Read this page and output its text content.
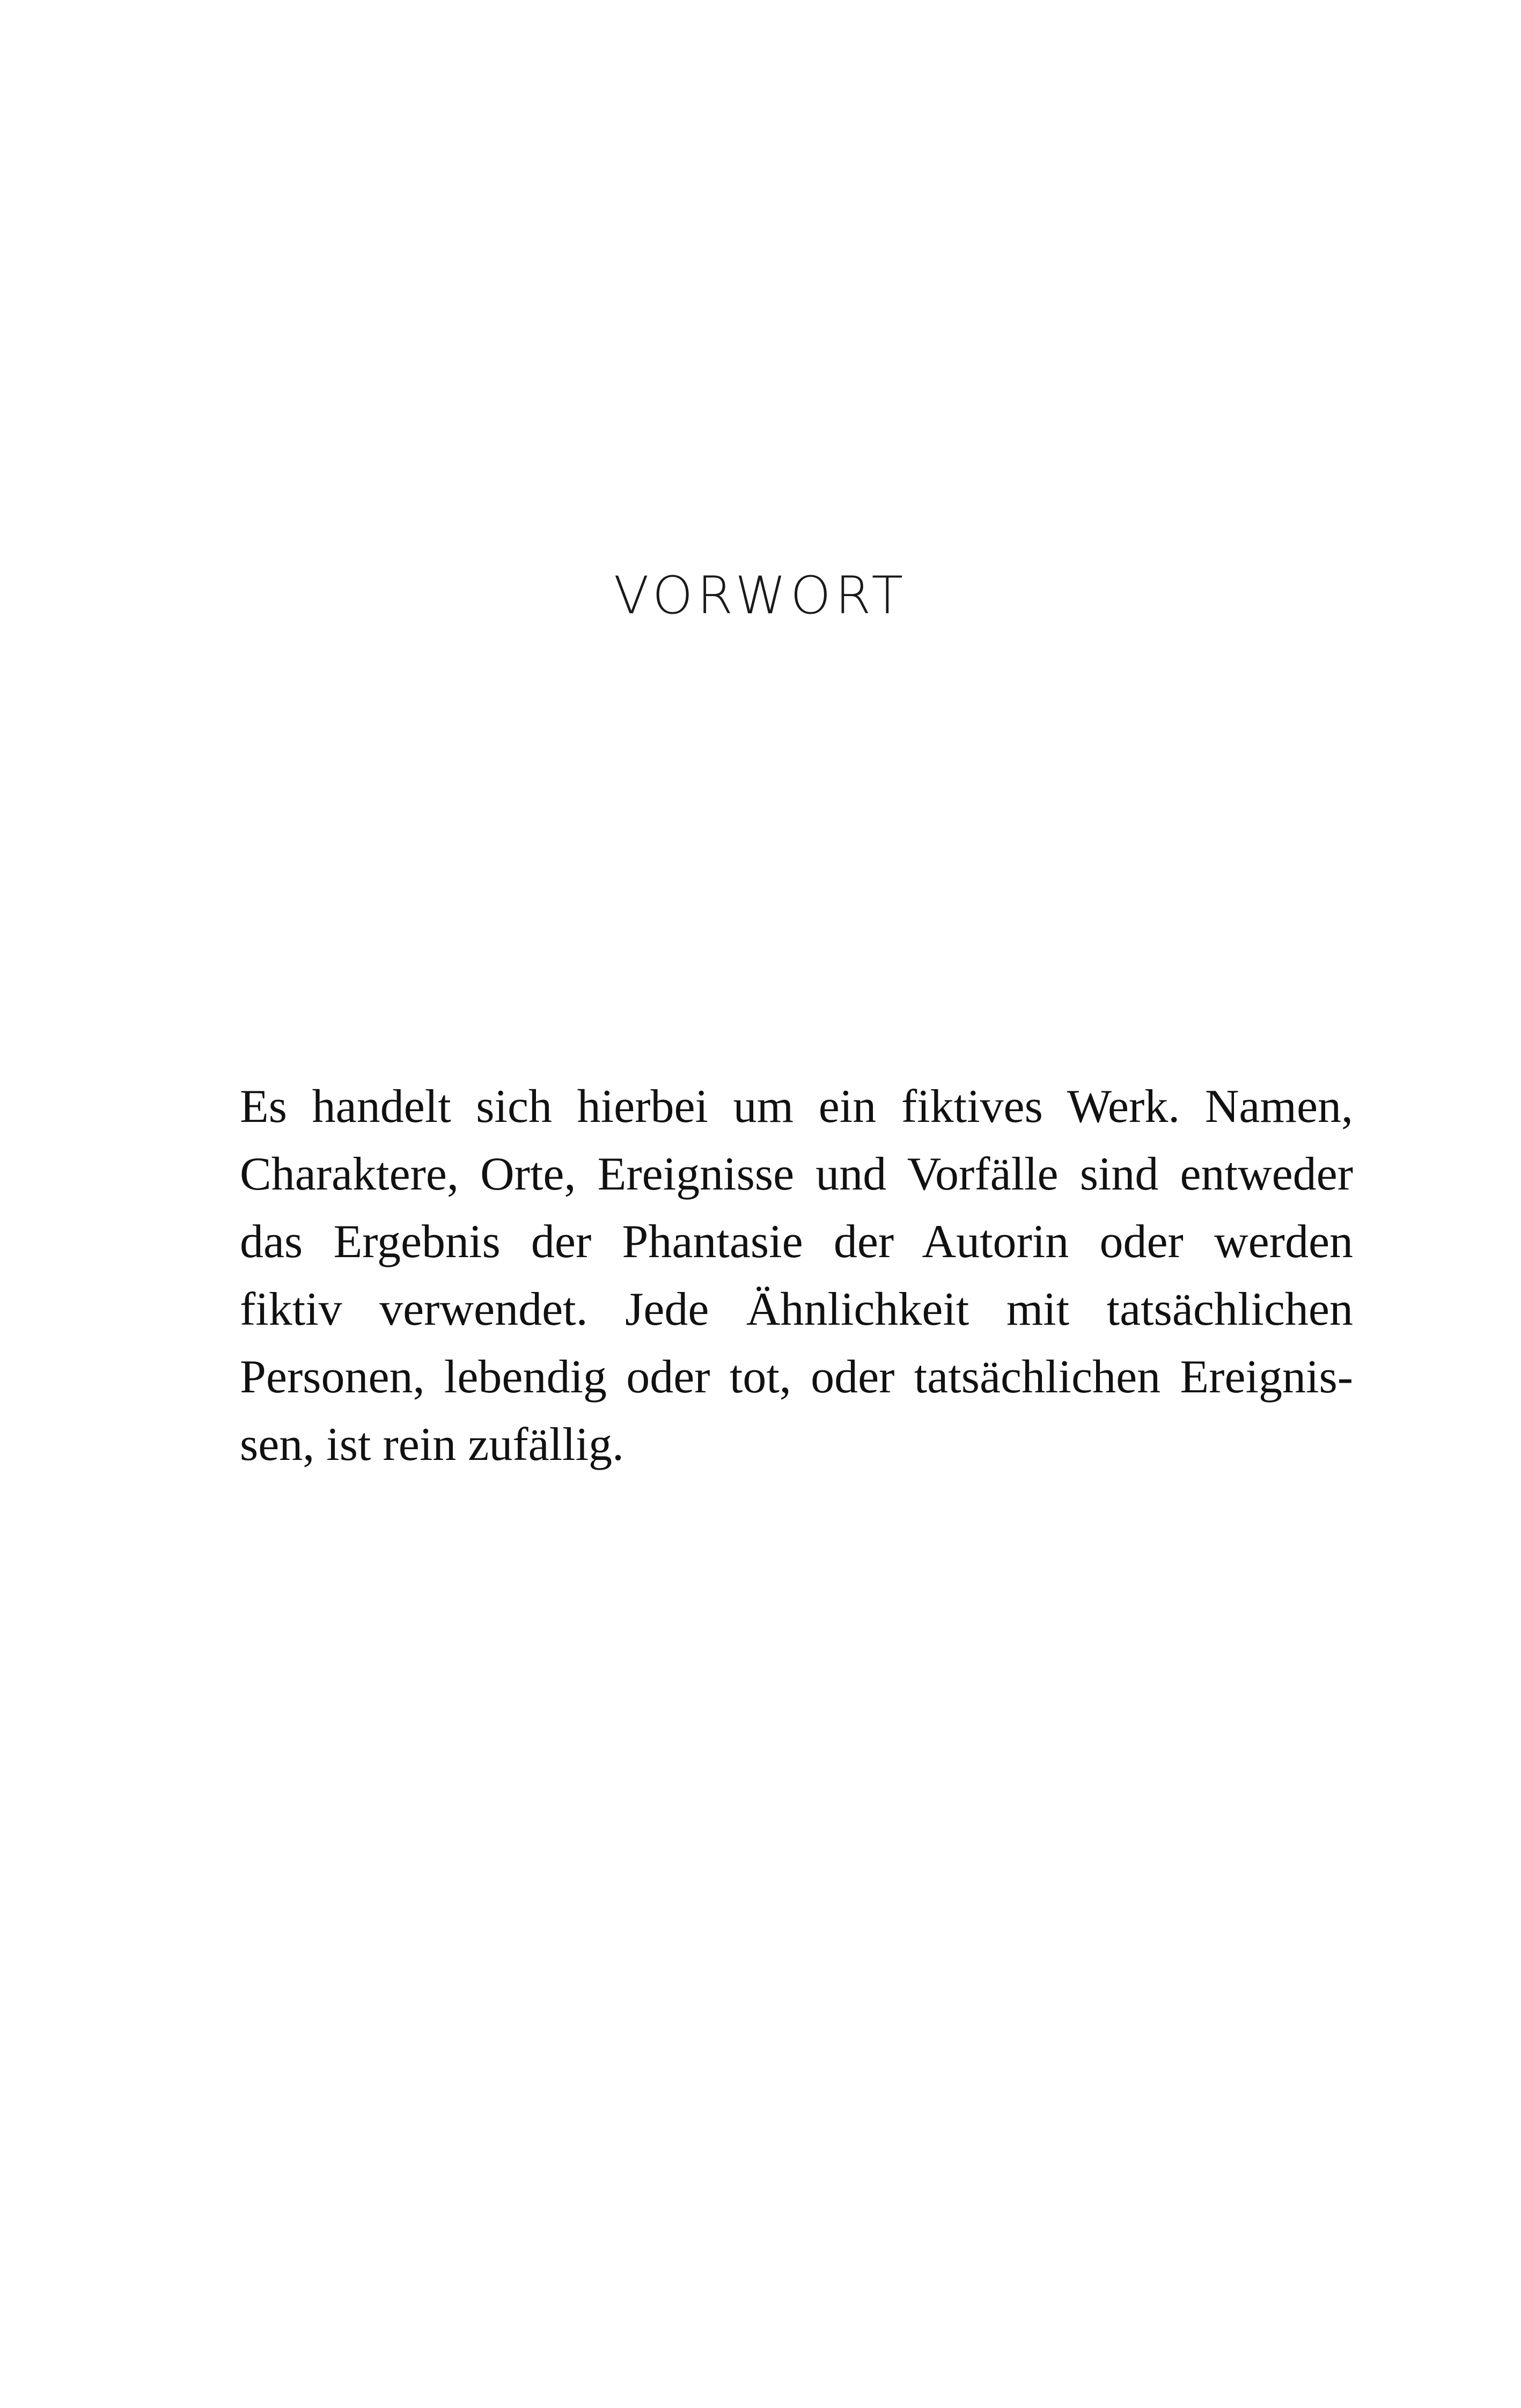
VORWORT
Es handelt sich hierbei um ein fiktives Werk. Namen,
Charaktere, Orte, Ereignisse und Vorfälle sind entweder
das Ergebnis der Phantasie der Autorin oder werden
fiktiv verwendet. Jede Ähnlichkeit mit tatsächlichen
Personen, lebendig oder tot, oder tatsächlichen Ereignis-
sen, ist rein zufällig.
